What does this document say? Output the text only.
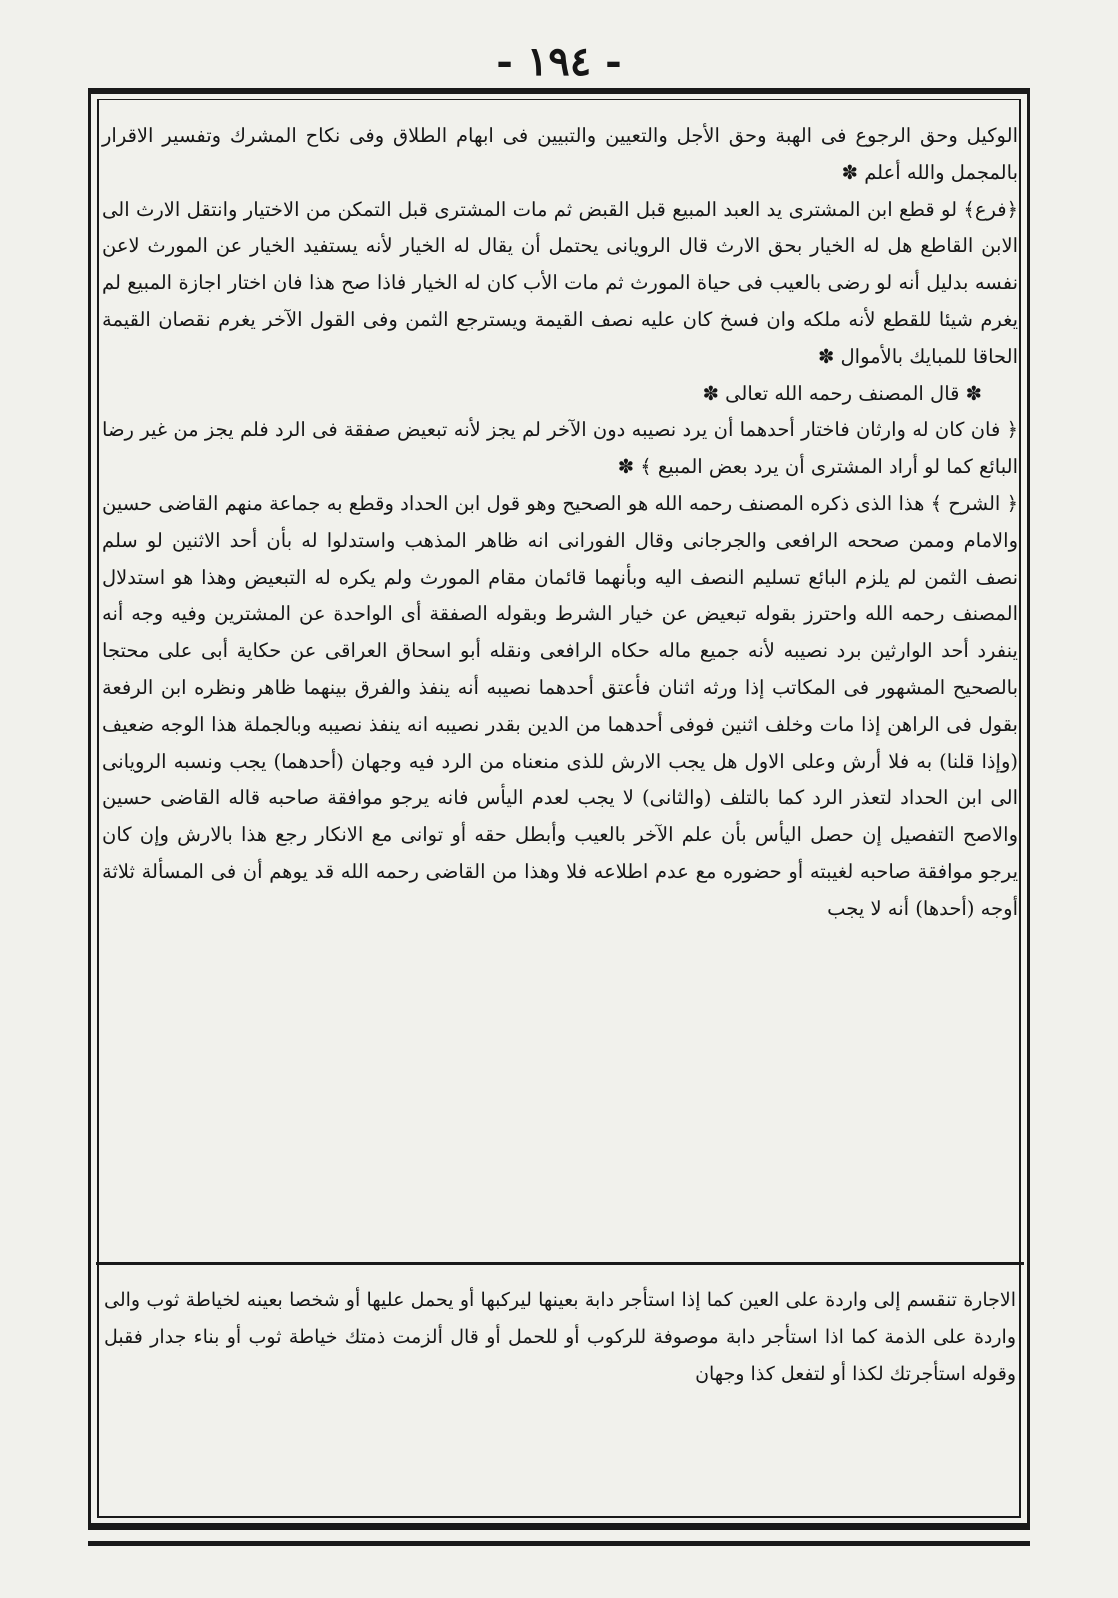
- ١٩٤ -

الوكيل وحق الرجوع فى الهبة وحق الأجل والتعيين والتبيين فى ابهام الطلاق وفى نكاح المشرك وتفسير الاقرار بالمجمل والله أعلم ✽

﴿فرع﴾ لو قطع ابن المشترى يد العبد المبيع قبل القبض ثم مات المشترى قبل التمكن من الاختيار وانتقل الارث الى الابن القاطع هل له الخيار بحق الارث قال الرويانى يحتمل أن يقال له الخيار لأنه يستفيد الخيار عن المورث لاعن نفسه بدليل أنه لو رضى بالعيب فى حياة المورث ثم مات الأب كان له الخيار فاذا صح هذا فان اختار اجازة المبيع لم يغرم شيئا للقطع لأنه ملكه وان فسخ كان عليه نصف القيمة ويسترجع الثمن وفى القول الآخر يغرم نقصان القيمة الحاقا للمبايك بالأموال ✽

✽ قال المصنف رحمه الله تعالى ✽

﴿ فان كان له وارثان فاختار أحدهما أن يرد نصيبه دون الآخر لم يجز لأنه تبعيض صفقة فى الرد فلم يجز من غير رضا البائع كما لو أراد المشترى أن يرد بعض المبيع ﴾ ✽

﴿ الشرح ﴾ هذا الذى ذكره المصنف رحمه الله هو الصحيح وهو قول ابن الحداد وقطع به جماعة منهم القاضى حسين والامام وممن صححه الرافعى والجرجانى وقال الفورانى انه ظاهر المذهب واستدلوا له بأن أحد الاثنين لو سلم نصف الثمن لم يلزم البائع تسليم النصف اليه وبأنهما قائمان مقام المورث ولم يكره له التبعيض وهذا هو استدلال المصنف رحمه الله واحترز بقوله تبعيض عن خيار الشرط وبقوله الصفقة أى الواحدة عن المشترين وفيه وجه أنه ينفرد أحد الوارثين برد نصيبه لأنه جميع ماله حكاه الرافعى ونقله أبو اسحاق العراقى عن حكاية أبى على محتجا بالصحيح المشهور فى المكاتب إذا ورثه اثنان فأعتق أحدهما نصيبه أنه ينفذ والفرق بينهما ظاهر ونظره ابن الرفعة بقول فى الراهن إذا مات وخلف اثنين فوفى أحدهما من الدين بقدر نصيبه انه ينفذ نصيبه وبالجملة هذا الوجه ضعيف (وإذا قلنا) به فلا أرش وعلى الاول هل يجب الارش للذى منعناه من الرد فيه وجهان (أحدهما) يجب ونسبه الرويانى الى ابن الحداد لتعذر الرد كما بالتلف (والثانى) لا يجب لعدم اليأس فانه يرجو موافقة صاحبه قاله القاضى حسين والاصح التفصيل إن حصل اليأس بأن علم الآخر بالعيب وأبطل حقه أو توانى مع الانكار رجع هذا بالارش وإن كان يرجو موافقة صاحبه لغيبته أو حضوره مع عدم اطلاعه فلا وهذا من القاضى رحمه الله قد يوهم أن فى المسألة ثلاثة أوجه (أحدها) أنه لا يجب

الاجارة تنقسم إلى واردة على العين كما إذا استأجر دابة بعينها ليركبها أو يحمل عليها أو شخصا بعينه لخياطة ثوب والى واردة على الذمة كما اذا استأجر دابة موصوفة للركوب أو للحمل أو قال ألزمت ذمتك خياطة ثوب أو بناء جدار فقبل وقوله استأجرتك لكذا أو لتفعل كذا وجهان
